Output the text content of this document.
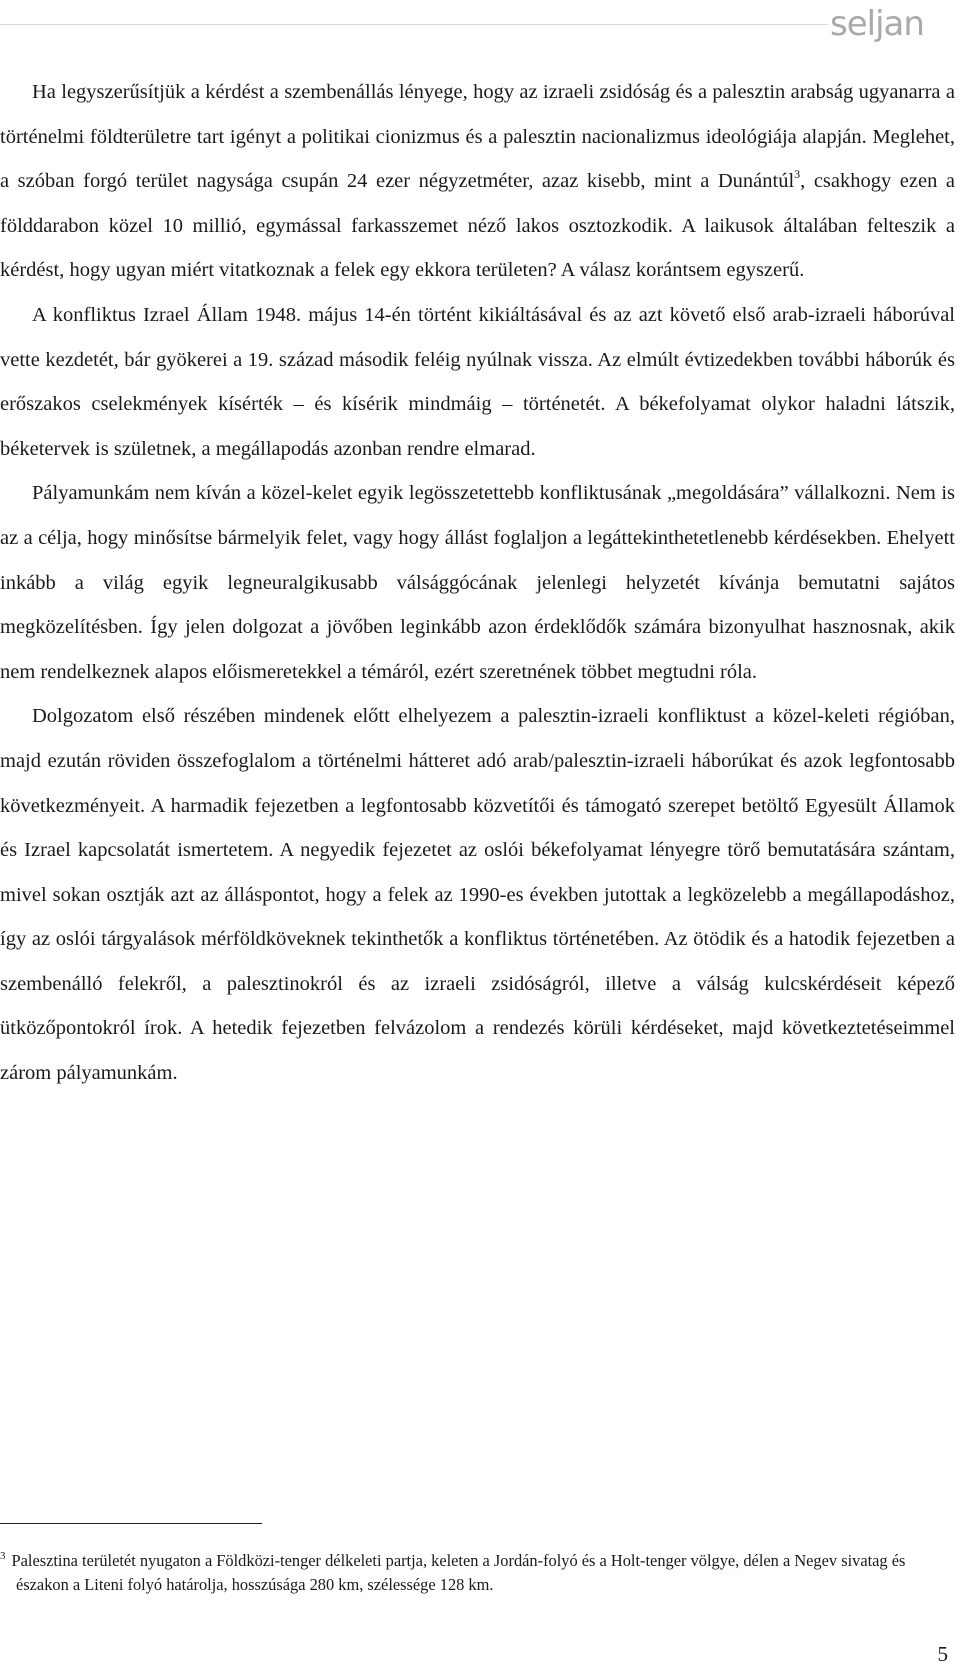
seljan

Ha legyszerűsítjük a kérdést a szembenállás lényege, hogy az izraeli zsidóság és a palesztin arabság ugyanarra a történelmi földterületre tart igényt a politikai cionizmus és a palesztin nacionalizmus ideológiája alapján. Meglehet, a szóban forgó terület nagysága csupán 24 ezer négyzetméter, azaz kisebb, mint a Dunántúl$^3$, csakhogy ezen a földdarabon közel 10 millió, egymással farkasszemet néző lakos osztozkodik. A laikusok általában felteszik a kérdést, hogy ugyan miért vitatkoznak a felek egy ekkora területen? A válasz korántsem egyszerű.

A konfliktus Izrael Állam 1948. május 14-én történt kikiáltásával és az azt követő első arab-izraeli háborúval vette kezdetét, bár gyökerei a 19. század második feléig nyúlnak vissza. Az elmúlt évtizedekben további háborúk és erőszakos cselekmények kísérték – és kísérik mindmáig – történetét. A békefolyamat olykor haladni látszik, béketervek is születnek, a megállapodás azonban rendre elmarad.

Pályamunkám nem kíván a közel-kelet egyik legösszetettebb konfliktusának „megoldására” vállalkozni. Nem is az a célja, hogy minősítse bármelyik felet, vagy hogy állást foglaljon a legáttekinthetetlenebb kérdésekben. Ehelyett inkább a világ egyik legneuralgikusabb válsággócának jelenlegi helyzetét kívánja bemutatni sajátos megközelítésben. Így jelen dolgozat a jövőben leginkább azon érdeklődők számára bizonyulhat hasznosnak, akik nem rendelkeznek alapos előismeretekkel a témáról, ezért szeretnének többet megtudni róla.

Dolgozatom első részében mindenek előtt elhelyezem a palesztin-izraeli konfliktust a közel-keleti régióban, majd ezután röviden összefoglalom a történelmi hátteret adó arab/palesztin-izraeli háborúkat és azok legfontosabb következményeit. A harmadik fejezetben a legfontosabb közvetítői és támogató szerepet betöltő Egyesült Államok és Izrael kapcsolatát ismertetem. A negyedik fejezetet az oslói békefolyamat lényegre törő bemutatására szántam, mivel sokan osztják azt az álláspontot, hogy a felek az 1990-es években jutottak a legközelebb a megállapodáshoz, így az oslói tárgyalások mérföldköveknek tekinthetők a konfliktus történetében. Az ötödik és a hatodik fejezetben a szembenálló felekről, a palesztinokról és az izraeli zsidóságról, illetve a válság kulcskérdéseit képező ütközőpontokról írok. A hetedik fejezetben felvázolom a rendezés körüli kérdéseket, majd következtetéseimmel zárom pályamunkám.

$^3$ Palesztina területét nyugaton a Földközi-tenger délkeleti partja, keleten a Jordán-folyó és a Holt-tenger völgye, délen a Negev sivatag és északon a Liteni folyó határolja, hosszúsága 280 km, szélessége 128 km.
5
